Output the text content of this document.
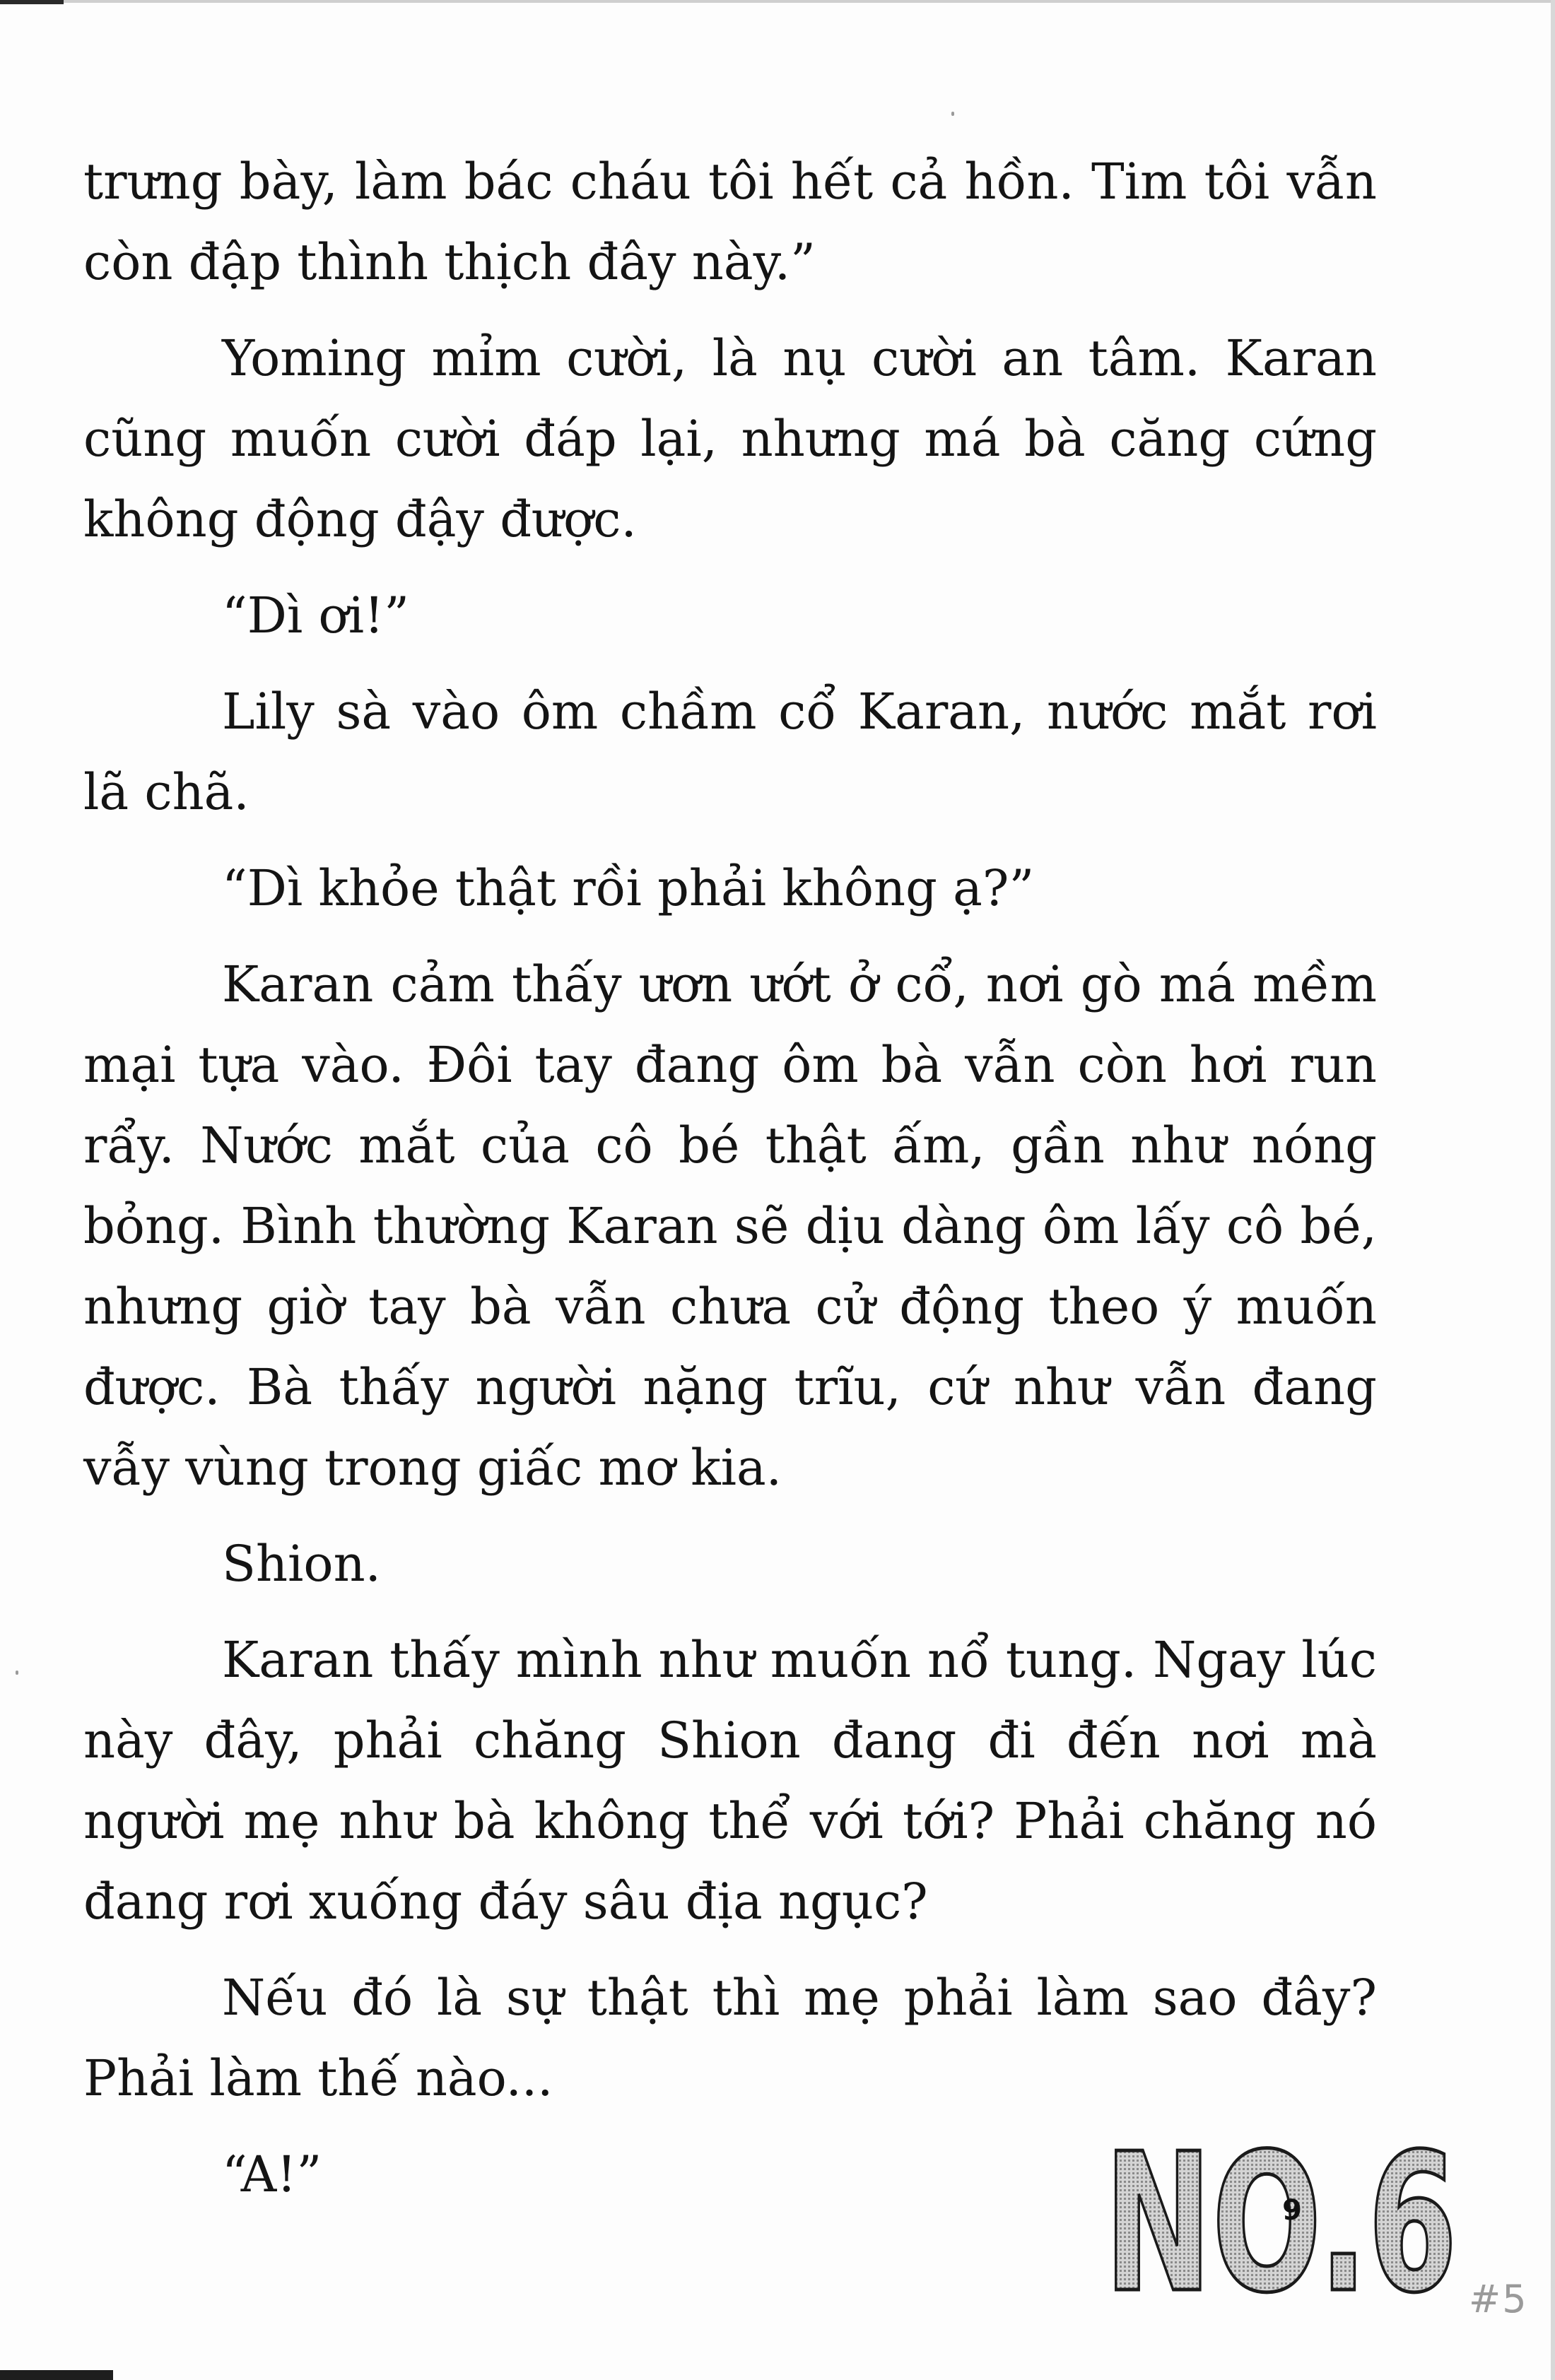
trưng bày, làm bác cháu tôi hết cả hồn. Tim tôi vẫn còn đập thình thịch đây này.”

Yoming mỉm cười, là nụ cười an tâm. Karan cũng muốn cười đáp lại, nhưng má bà căng cứng không động đậy được.

“Dì ơi!”

Lily sà vào ôm chầm cổ Karan, nước mắt rơi lã chã.

“Dì khỏe thật rồi phải không ạ?”

Karan cảm thấy ươn ướt ở cổ, nơi gò má mềm mại tựa vào. Đôi tay đang ôm bà vẫn còn hơi run rẩy. Nước mắt của cô bé thật ấm, gần như nóng bỏng. Bình thường Karan sẽ dịu dàng ôm lấy cô bé, nhưng giờ tay bà vẫn chưa cử động theo ý muốn được. Bà thấy người nặng trĩu, cứ như vẫn đang vẫy vùng trong giấc mơ kia.

Shion.

Karan thấy mình như muốn nổ tung. Ngay lúc này đây, phải chăng Shion đang đi đến nơi mà người mẹ như bà không thể với tới? Phải chăng nó đang rơi xuống đáy sâu địa ngục?

Nếu đó là sự thật thì mẹ phải làm sao đây? Phải làm thế nào...

“A!”	NO.6
9
#5
